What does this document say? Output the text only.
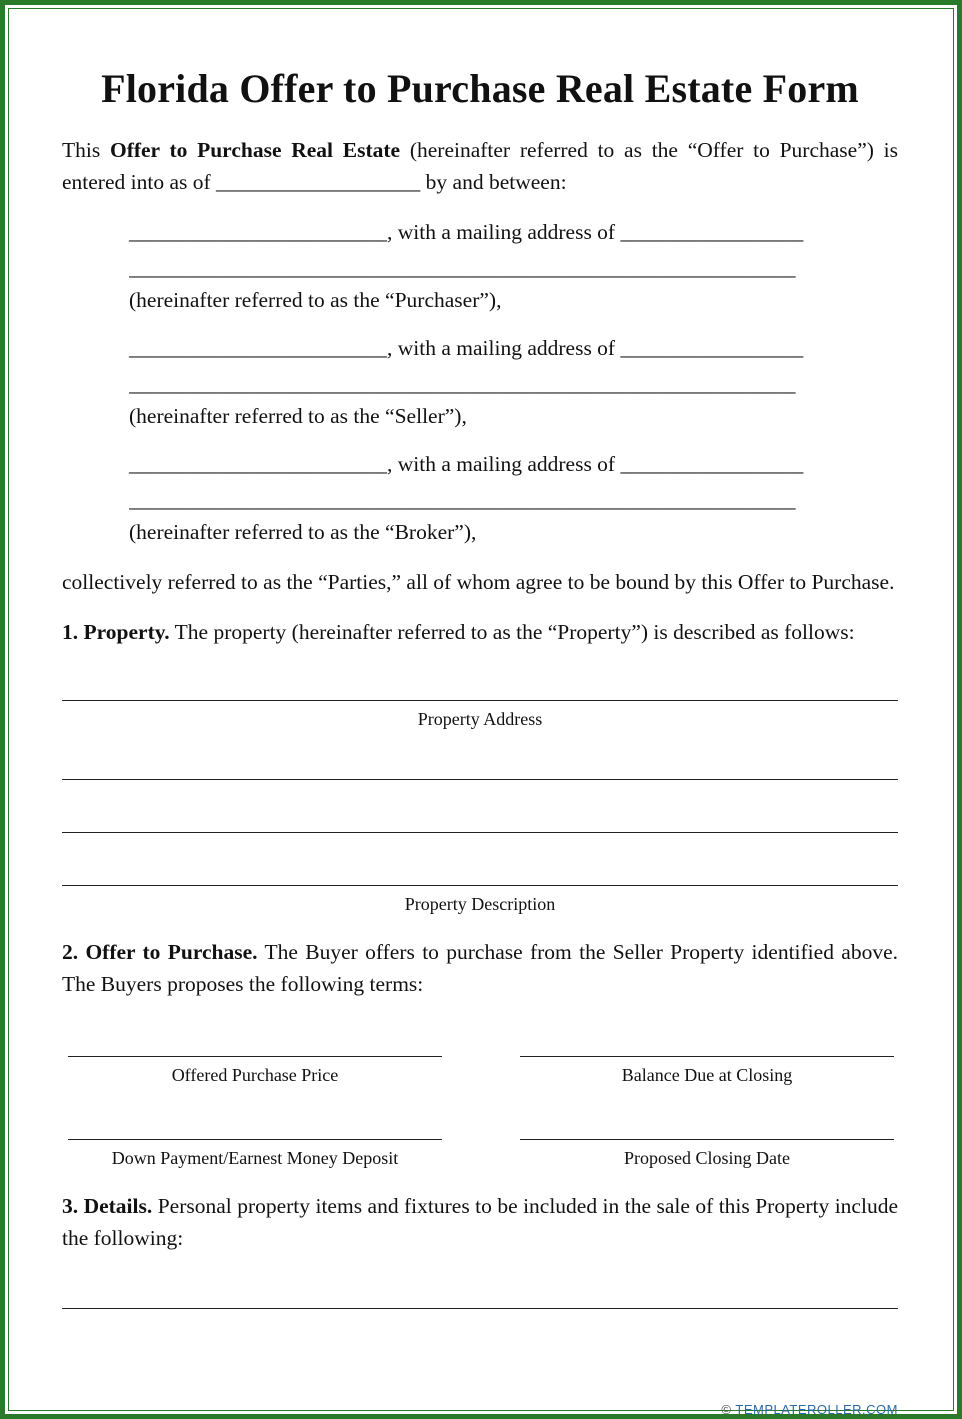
Florida Offer to Purchase Real Estate Form

This Offer to Purchase Real Estate (hereinafter referred to as the “Offer to Purchase”) is entered into as of ___________________ by and between:

________________________, with a mailing address of _________________
______________________________________________________________
(hereinafter referred to as the “Purchaser”),
________________________, with a mailing address of _________________
______________________________________________________________
(hereinafter referred to as the “Seller”),
________________________, with a mailing address of _________________
______________________________________________________________
(hereinafter referred to as the “Broker”),

collectively referred to as the “Parties,” all of whom agree to be bound by this Offer to Purchase.

1. Property. The property (hereinafter referred to as the “Property”) is described as follows:

Property Address
Property Description

2. Offer to Purchase. The Buyer offers to purchase from the Seller Property identified above. The Buyers proposes the following terms:

Offered Purchase Price	Balance Due at Closing
Down Payment/Earnest Money Deposit	Proposed Closing Date

3. Details. Personal property items and fixtures to be included in the sale of this Property include the following:

© TEMPLATEROLLER.COM
